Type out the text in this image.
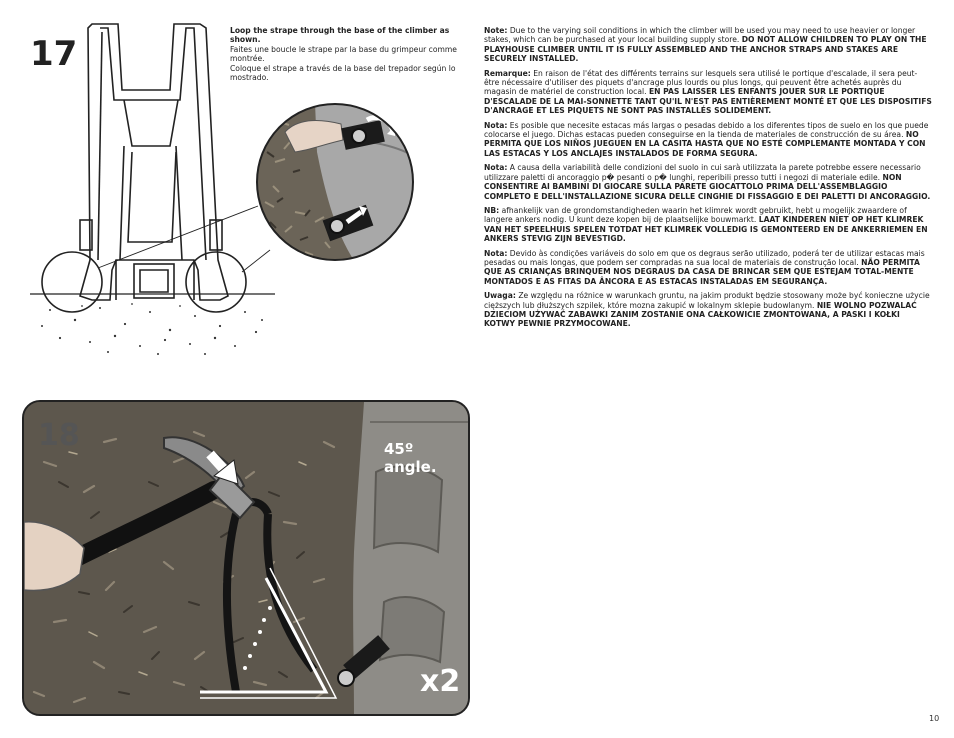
17

Loop the strape through the base of the climber as shown.

Faites une boucle le strape par la base du grimpeur comme montrée.

Coloque el strape a través de la base del trepador según lo mostrado.

Note: Due to the varying soil conditions in which the climber will be used you may need to use heavier or longer stakes, which can be purchased at your local building supply store. DO NOT ALLOW CHILDREN TO PLAY ON THE PLAYHOUSE CLIMBER UNTIL IT IS FULLY ASSEMBLED AND THE ANCHOR STRAPS AND STAKES ARE SECURELY INSTALLED.

Remarque: En raison de l'état des différents terrains sur lesquels sera utilisé le portique d'escalade, il sera peut-être nécessaire d'utiliser des piquets d'ancrage plus lourds ou plus longs, qui peuvent être achetés auprès du magasin de matériel de construction local. EN PAS LAISSER LES ENFANTS JOUER SUR LE PORTIQUE D'ESCALADE DE LA MAI-SONNETTE TANT QU'IL N'EST PAS ENTIÈREMENT MONTÉ ET QUE LES DISPOSITIFS D'ANCRAGE ET LES PIQUETS NE SONT PAS INSTALLÉS SOLIDEMENT.

Nota: Es posible que necesite estacas más largas o pesadas debido a los diferentes tipos de suelo en los que puede colocarse el juego. Dichas estacas pueden conseguirse en la tienda de materiales de construcción de su área. NO PERMITA QUE LOS NIÑOS JUEGUEN EN LA CASITA HASTA QUE NO ESTÉ COMPLEMANTE MONTADA Y CON LAS ESTACAS Y LOS ANCLAJES INSTALADOS DE FORMA SEGURA.

Nota: A causa della variabilità delle condizioni del suolo in cui sarà utilizzata la parete potrebbe essere necessario utilizzare paletti di ancoraggio p� pesanti o p� lunghi, reperibili presso tutti i negozi di materiale edile. NON CONSENTIRE AI BAMBINI DI GIOCARE SULLA PARETE GIOCATTOLO PRIMA DELL'ASSEMBLAGGIO COMPLETO E DELL'INSTALLAZIONE SICURA DELLE CINGHIE DI FISSAGGIO E DEI PALETTI DI ANCORAGGIO.

NB: afhankelijk van de grondomstandigheden waarin het klimrek wordt gebruikt, hebt u mogelijk zwaardere of langere ankers nodig. U kunt deze kopen bij de plaatselijke bouwmarkt. LAAT KINDEREN NIET OP HET KLIMREK VAN HET SPEELHUIS SPELEN TOTDAT HET KLIMREK VOLLEDIG IS GEMONTEERD EN DE ANKERRIEMEN EN ANKERS STEVIG ZIJN BEVESTIGD.

Nota: Devido às condições variáveis do solo em que os degraus serão utilizado, poderá ter de utilizar estacas mais pesadas ou mais longas, que podem ser compradas na sua local de materiais de construção local. NÃO PERMITA QUE AS CRIANÇAS BRINQUEM NOS DEGRAUS DA CASA DE BRINCAR SEM QUE ESTEJAM TOTAL-MENTE MONTADOS E AS FITAS DA ÂNCORA E AS ESTACAS INSTALADAS EM SEGURANÇA.

Uwaga: Ze względu na różnice w warunkach gruntu, na jakim produkt będzie stosowany może być konieczne użycie cięższych lub dłuższych szpilek, które mozna zakupić w lokalnym sklepie budowlanym. NIE WOLNO POZWALAĆ DZIECIOM UŻYWAĆ ZABAWKI ZANIM ZOSTANIE ONA CAŁKOWICIE ZMONTOWANA, A PASKI I KOŁKI KOTWY PEWNIE PRZYMOCOWANE.

18	45º angle.
x2
10
